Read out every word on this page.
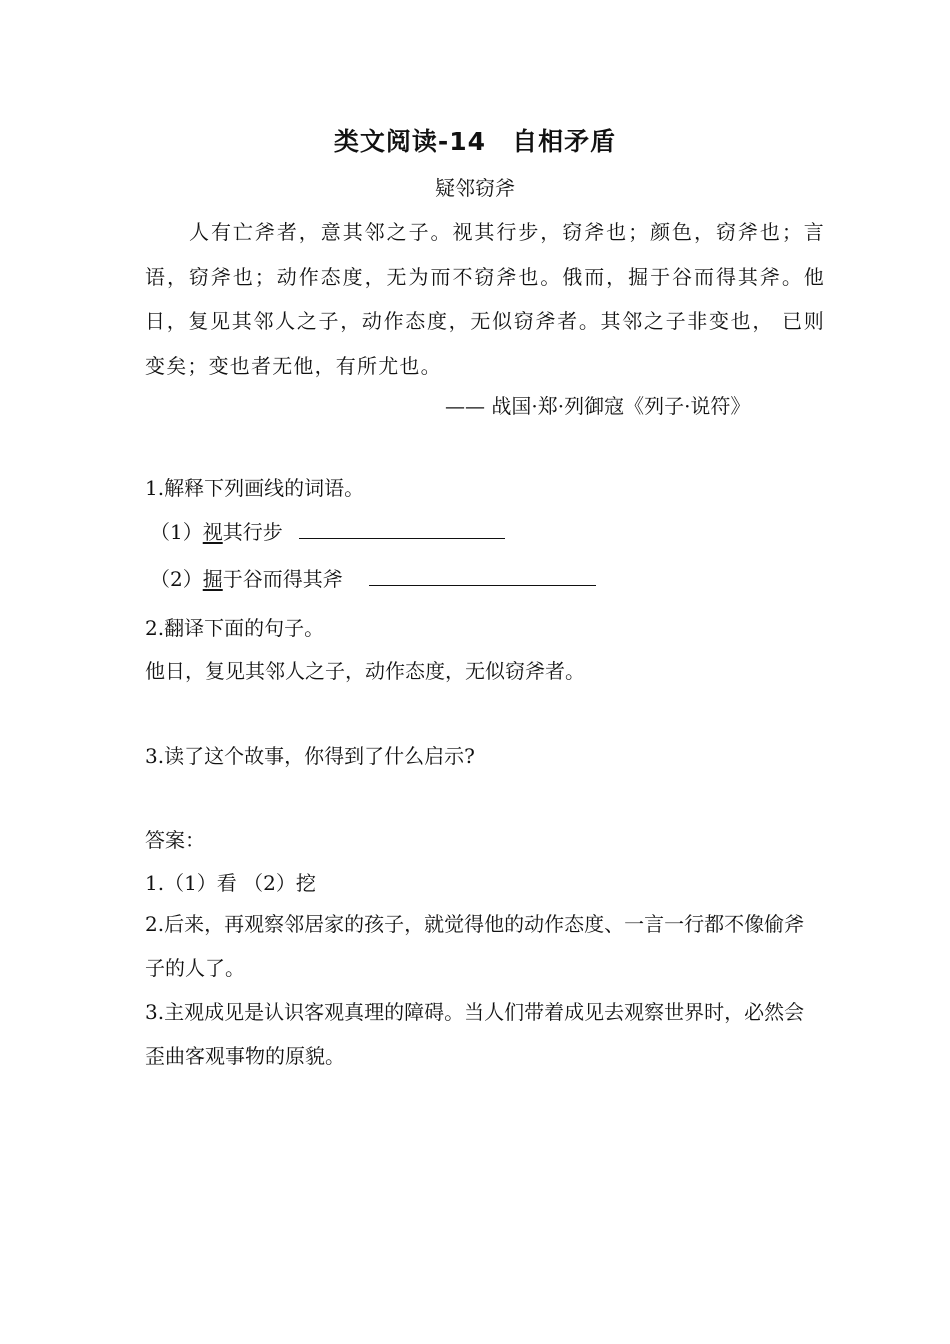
类文阅读-14　自相矛盾
疑邻窃斧
人有亡斧者，意其邻之子。视其行步，窃斧也；颜色，窃斧也；言语，窃斧也；动作态度，无为而不窃斧也。俄而，掘于谷而得其斧。他日，复见其邻人之子，动作态度，无似窃斧者。其邻之子非变也， 已则变矣；变也者无他，有所尤也。
—— 战国·郑·列御寇《列子·说符》
1.解释下列画线的词语。
（1）视其行步
（2）掘于谷而得其斧
2.翻译下面的句子。
他日，复见其邻人之子，动作态度，无似窃斧者。
3.读了这个故事，你得到了什么启示?
答案：
1.（1）看 （2）挖
2.后来，再观察邻居家的孩子，就觉得他的动作态度、一言一行都不像偷斧子的人了。
3.主观成见是认识客观真理的障碍。当人们带着成见去观察世界时，必然会歪曲客观事物的原貌。
